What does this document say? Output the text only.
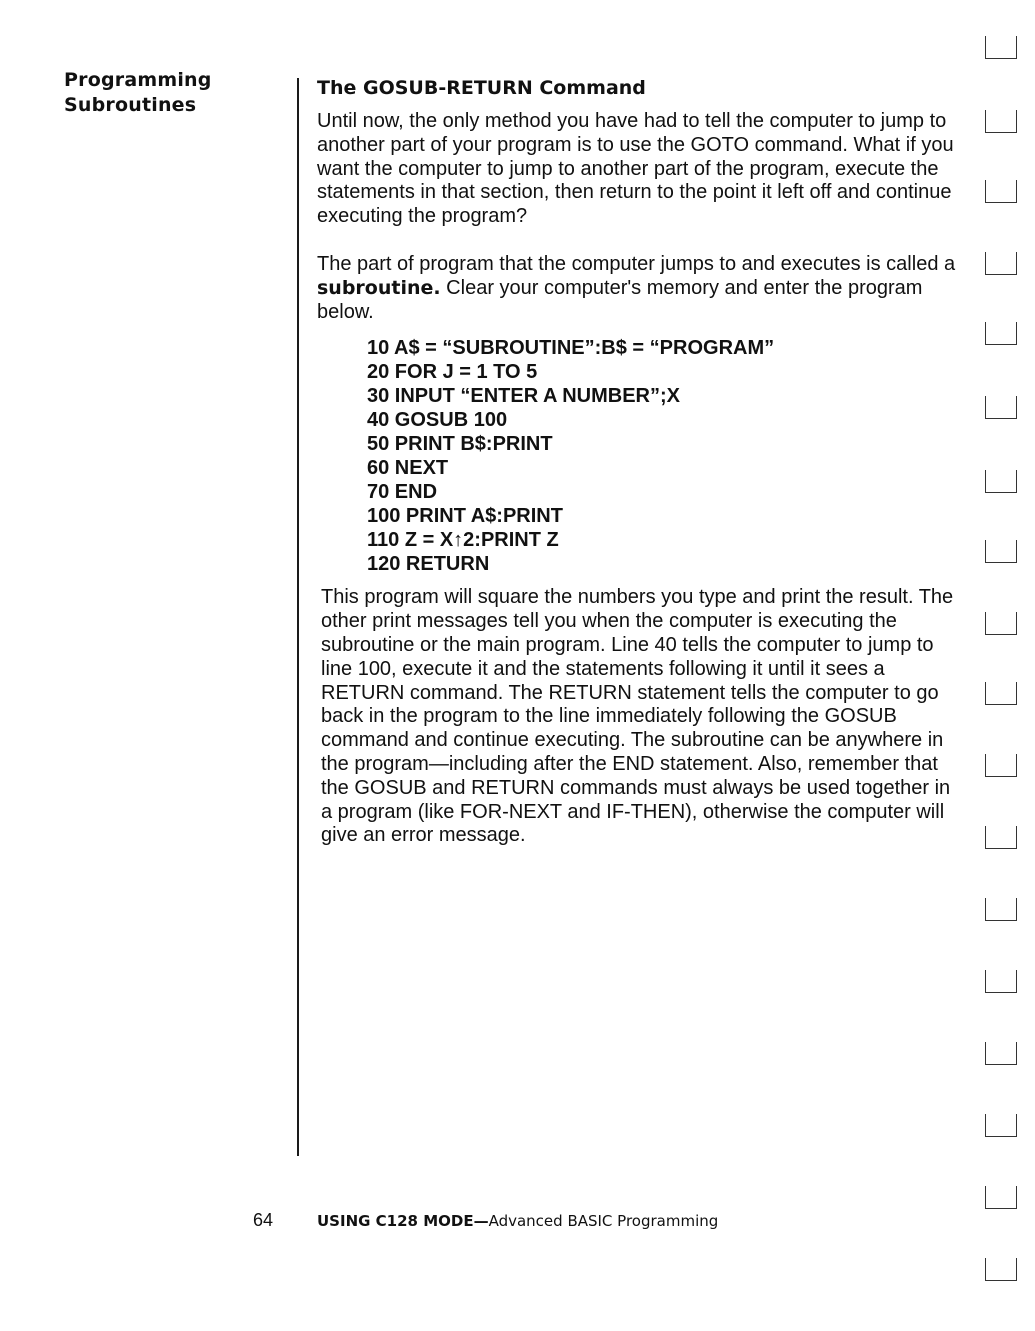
Programming
Subroutines
The GOSUB-RETURN Command

Until now, the only method you have had to tell the computer to jump to another part of your program is to use the GOTO command. What if you want the computer to jump to another part of the program, execute the statements in that section, then return to the point it left off and continue executing the program?

The part of program that the computer jumps to and executes is called a subroutine. Clear your computer's memory and enter the program below.

10 A$ = “SUBROUTINE”:B$ = “PROGRAM”
20 FOR J = 1 TO 5
30 INPUT “ENTER A NUMBER”;X
40 GOSUB 100
50 PRINT B$:PRINT
60 NEXT
70 END
100 PRINT A$:PRINT
110 Z = X↑2:PRINT Z
120 RETURN

This program will square the numbers you type and print the result. The other print messages tell you when the computer is executing the subroutine or the main program. Line 40 tells the computer to jump to line 100, execute it and the statements following it until it sees a RETURN command. The RETURN statement tells the computer to go back in the program to the line immediately following the GOSUB command and continue executing. The subroutine can be anywhere in the program—including after the END statement. Also, remember that the GOSUB and RETURN commands must always be used together in a program (like FOR-NEXT and IF-THEN), otherwise the computer will give an error message.

64	USING C128 MODE—Advanced BASIC Programming
